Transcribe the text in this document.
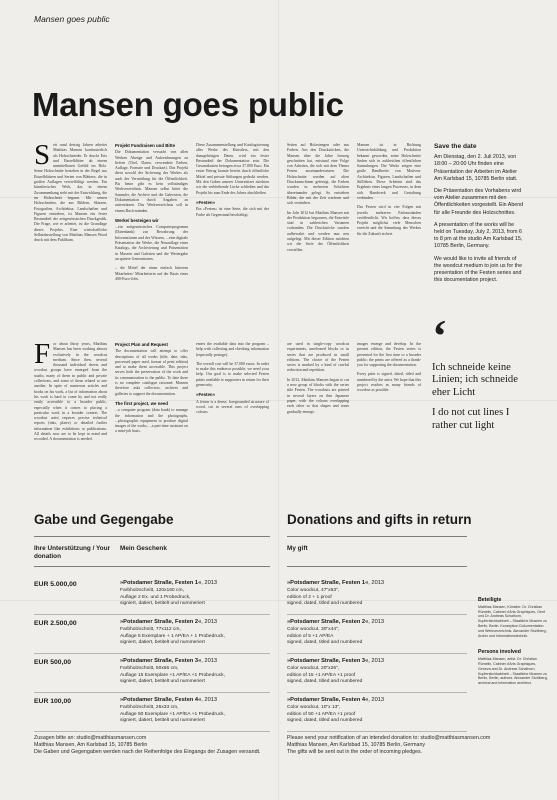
Mansen goes public
Mansen goes public
S eit rund dreizig Jahren arbeitet Matthias Mansen kontinuierlich als Holzschneider. Er druckt Erts und Einzelblätter ab einem unmittelbaren Gefühl im Holz. Seine Holzschnitte bestehen in der Regel aus Einzelblättern und Serien von Blättern, die in großen Auflagen vervielfältigt werden. Ein künstlerisches Werk, das in einem Zusammenhang steht mit der Entwicklung, die im Holzschnitt begann. Mit seinen Holzschnitten, die aus Bildern, Skizzen, Fotografien, Architektur, Landschaften und Figuren entstehen, ist Mansen ein fester Bestandteil der zeitgenössischen Druckgrafik. Die Frage, wie er arbeitet, ist die Grundlage dieses Projekts. Eine wirtschaftliche Selbstdarstellung von Matthias Mansen Wood druck mit dem Publikum.
Projekt Fundraisen und Bitte

Die Dokumentation versucht von allen Werken Abzüge und Aufzeichnungen zu liefern (Titel, Daten, verwendete Farben, Auflage, Formate und Druckart). Das Projekt dient sowohl der Sicherung des Werkes als auch der Vermittlung für die Öffentlichkeit. Bis heute gibt es kein vollständiges Werkverzeichnis. Mansen selbst bittet die Sammler, die Archive und die Galeristen, die Dokumentation durch Angaben zu unterstützen. Das Werkverzeichnis soll in einem Buch münden.

Werke/ besteigen wir

...ein zeitgenössisches Computerprogramm (Datenbank) zur Bewahrung der Informationen und des Wissens, ...eine digitale Präsentation der Werke, die Neuauflage eines Katalogs, die Archivierung und Präsentation in Museen und Galerien und die Weitergabe an spätere Generationen.

– die Mittel der einen einfach bitterem Mitarbeiter/ Mitarbeiterin auf der Basis eines 400-Euro-Jobs.

Diese Zusammenstellung und Katalogisierung aller Werke des Künstlers, mit den dazugehörigen Daten, wird ein fester Bestandteil der Dokumentation sein. Die Gesamtkosten betragen etwa 37.000 Euro. Ein erster Betrag konnte bereits durch öffentliche Mittel und private Stiftungen gedeckt werden. Mit den Gaben unserer Unterstützer möchten wir die verbleibende Lücke schließen und das Projekt bis zum Ende des Jahres abschließen.

»Festen«

Ein »Festen« ist eine Serie, die sich mit der Farbe als Gegenstand beschäftigt.

Seiten auf Holzstengen oder aus Farben. Aus den Druckstöcken, die Mansen über die Jahre hinweg geschnitten hat, entstand eine Folge von Arbeiten, die sich mit dem Thema Festen auseinandersetzen. Die Holzschnitte wurden auf alten Druckmaschinen gefertigt, die Farben wurden in mehreren Schichten übereinander gelegt. So entstehen Bilder, die mit der Zeit wachsen und sich verändern.

Im Jahr 2012 hat Matthias Mansen mit der Produktion begonnen, die Entwürfe sind in zahlreichen Varianten vorhanden. Die Druckstöcke wurden aufbewahrt und werden nun neu aufgelegt. Mit dieser Edition möchten wir die Serie der Öffentlichkeit vorstellen.

Mansen ist in Richtung Unterrichtsbildung und Produktion bekannt geworden, seine Holzschnitte finden sich in zahlreichen öffentlichen Sammlungen. Die Werke zeigen eine große Bandbreite von Motiven: Architektur, Figuren, Landschaften und Stillleben. Diese Arbeiten sind das Ergebnis eines langen Prozesses, in dem sich Handwerk und Gestaltung verbinden.

Das Festen wird in vier Folgen mit jeweils mehreren Farbzuständen veröffentlicht. Wir hoffen, dass dieses Projekt möglichst viele Menschen erreicht und die Sammlung des Werkes für die Zukunft sichert.

F or about thirty years, Matthias Mansen has been working almost exclusively in the woodcut medium. Since then, several thousand individual sheets and woodcut groups have emerged from the studio, many of them in public and private collections, and some of them related to one another. In spite of numerous articles and books on his work, a list of information about his work is hard to come by and not really easily accessible to a broader public, especially when it comes to placing a particular work in a broader context. The woodcut artist requires precise technical reports (inks, plates) or detailed further information like exhibitions or publications. All details now are to be kept in mind and recorded. A documentation is needed.
Project Plan and Request

The documentation will attempt to offer descriptions of all works (title, date, inks, processed paper used, format of print edition) and to make them accessible. This project serves both the preservation of the work and its communication to the public. To date there is no complete catalogue raisonné. Mansen therefore asks collectors, archives and galleries to support the documentation.

The first project, we need

...a computer program (data bank) to manage the information and the photographs, ...photographic equipment to produce digital images of the works, ...a part-time assistant on a mini-job basis.

enters the available data into the program – help with collecting and checking information (especially postage).

The overall cost will be 37,000 euros. In order to make this endeavor possible, we need your help. Our goal is to make selected Festen prints available to supporters in return for their generosity.

»Festen«

A festen is a dense, foregrounded structure of wood, cut in several runs of overlapping colours.

are used in single-copy woodcut experiments, unreleased blocks or in series that are produced in small editions. The choice of the Festen series is marked by a kind of careful reduction and repetition.

In 2012, Matthias Mansen began to cut a new group of blocks with the series title Festen. The woodcuts are printed in several layers on thin Japanese paper, with the colours overlapping each other so that shapes and tones gradually emerge.

images emerge and develop. In the present edition, the Festen series is presented for the first time to a broader public; the prints are offered as a thank-you for supporting the documentation.

Every print is signed, dated, titled and numbered by the artist. We hope that this project reaches as many friends of woodcut as possible.

Save the date

Am Dienstag, den 2. Juli 2013, von 18:00 – 20:00 Uhr finden eine Präsentation der Arbeiten im Atelier Am Karlsbad 15, 10785 Berlin statt.

Die Präsentation des Vorhabens wird vom Atelier zusammen mit den Öffentlichkeiten vorgestellt. Ein Abend für alle Freunde des Holzschnittes.

A presentation of the works will be held on Tuesday, July 2, 2013, from 6 to 8 pm at the studio Am Karlsbad 15, 10785 Berlin, Germany.

We would like to invite all friends of the woodcut medium to join us for the presentation of the Festen series and this documentation project.

‘
Ich schneide keine Linien; ich schneide eher Licht
I do not cut lines I rather cut light
Gabe und Gegengabe
Ihre Unterstützung / Your donation
Mein Geschenk
Zusagen bitte an: studio@matthiasmansen.com
Matthias Mansen, Am Karlsbad 15, 10785 Berlin
Die Gaben und Gegengaben werden nach der Reihenfolge des Eingangs der Zusagen versandt.
Donations and gifts in return
My gift
Please send your notification of an intended donation to: studio@matthiasmansen.com
Matthias Mansen, Am Karlsbad 15, 10785 Berlin, Germany
The gifts will be sent out in the order of incoming pledges.
Beteiligte

Matthias Mansen, Künstler. Dr. Christian Rümelin, Cabinet d'Arts Graphiques, Genf und Dr. Andreas Schalhorn, Kupferstichkabinett – Staatliche Museen zu Berlin, Berlin. Konzeption Dokumentation und Werkverzeichnis. Alexander Stuhlberg, Archiv und Informationstechnik.

Persons involved

Matthias Mansen, artist. Dr. Christian Rümelin, Cabinet d'Arts Graphiques, Geneva and Dr. Andreas Schalhorn, Kupferstichkabinett – Staatliche Museen zu Berlin, Berlin, authors. Alexander Stuhlberg, archival and information architect.

EUR 5.000,00	»Potsdamer Straße, Festen 1«, 2013
Farbholzschnitt, 120x160 cm,
Auflage 2 Ex. und 1 Probedruck,
signiert, datiert, betitelt und nummeriert
EUR 2.500,00	»Potsdamer Straße, Festen 2«, 2013
Farbholzschnitt, 77x112 cm,
Auflage 5 Exemplare + 1 AP/EA + 1 Probedruck,
signiert, datiert, betitelt und nummeriert
EUR 500,00	»Potsdamer Straße, Festen 3«, 2013
Farbholzschnitt, 50x66 cm,
Auflage 15 Exemplare +1 AP/EA +1 Probedruck,
signiert, datiert, betitelt und nummeriert
EUR 100,00	»Potsdamer Straße, Festen 4«, 2013
Farbholzschnitt, 25x33 cm,
Auflage 50 Exemplare +1 AP/EA +1 Probedruck,
signiert, datiert, betitelt und nummeriert
»Potsdamer Straße, Festen 1«, 2013
Color woodcut, 47"x63",
edition of 2 + 1 proof
signed, dated, titled and numbered
»Potsdamer Straße, Festen 2«, 2013
Color woodcut, 30"x44",
edition of 5 +1 AP/EA
signed, dated, titled and numbered
»Potsdamer Straße, Festen 3«, 2013
Color woodcut, 20"x26",
edition of 15 +1 AP/EA +1 proof
signed, dated, titled and numbered
»Potsdamer Straße, Festen 4«, 2013
Color woodcut, 10"x 13",
edition of 50 +1 AP/EA +1 proof
signed, dated, titled and numbered
